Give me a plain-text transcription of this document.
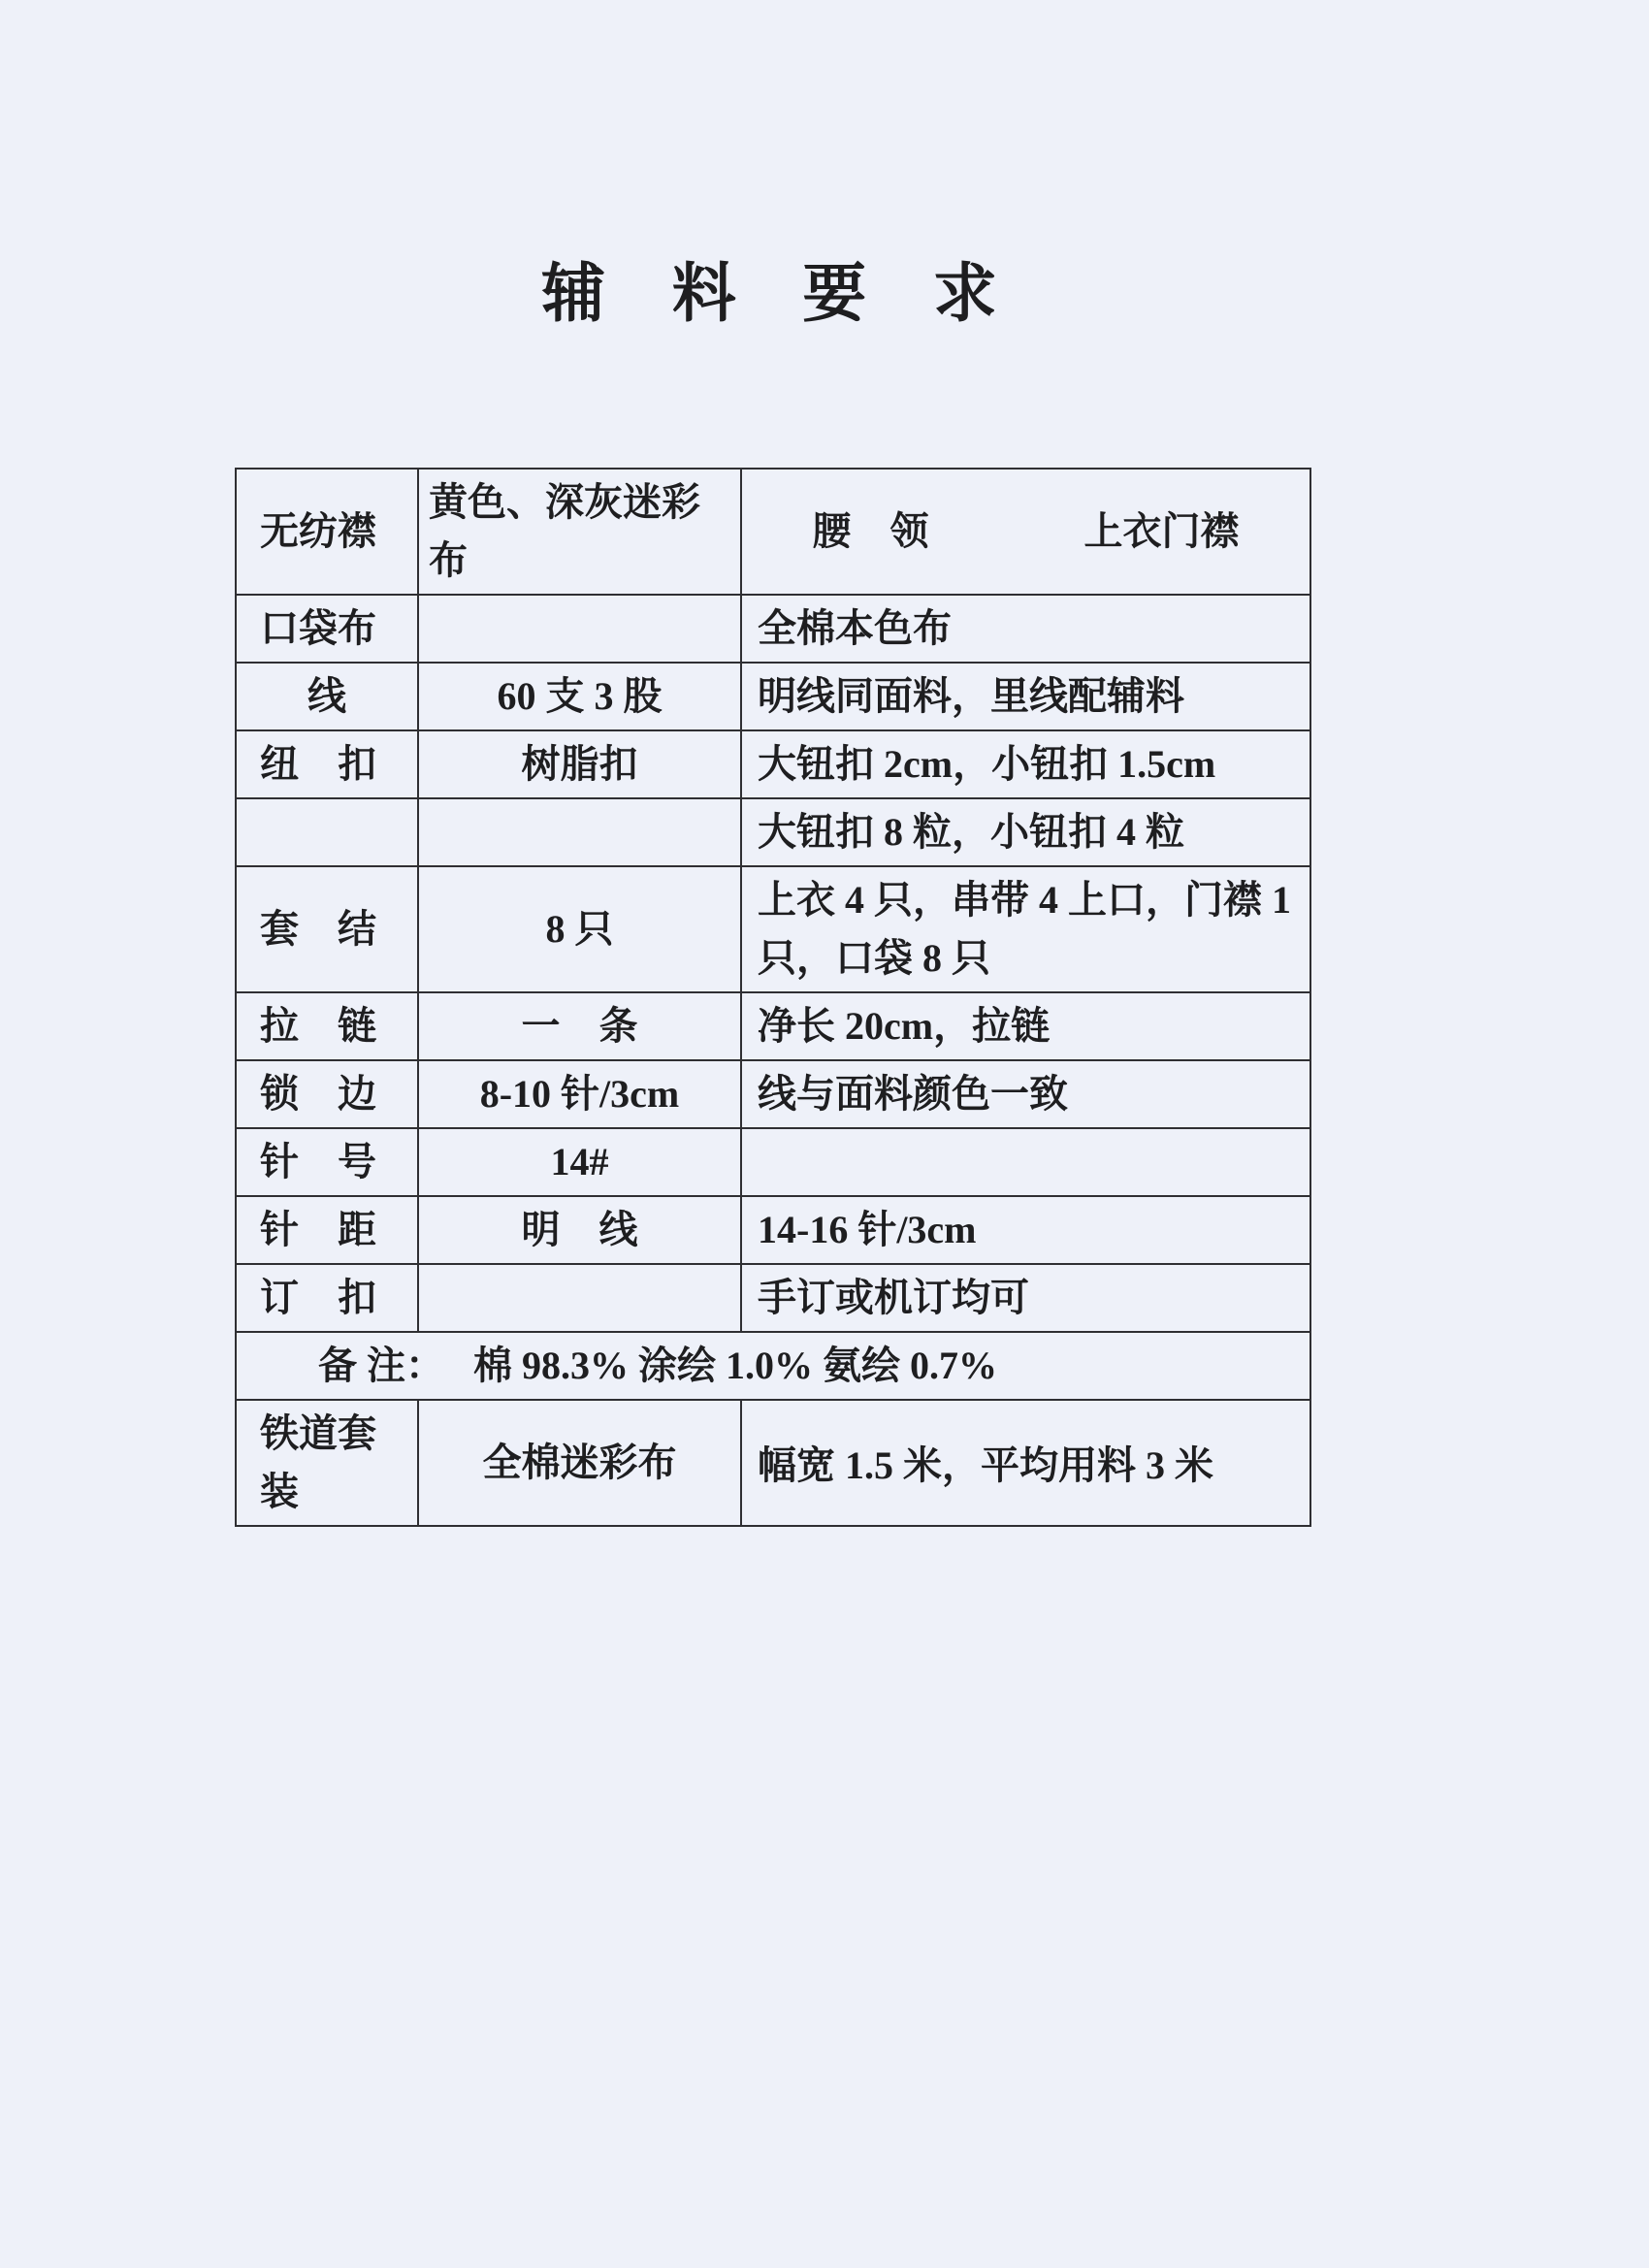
辅 料 要 求
无纺襟	黄色、深灰迷彩布	腰　领　　　　上衣门襟
口袋布		全棉本色布
线	60 支 3 股	明线同面料，里线配辅料
纽　扣	树脂扣	大钮扣 2cm，小钮扣 1.5cm
		大钮扣 8 粒，小钮扣 4 粒
套　结	8 只	上衣 4 只，串带 4 上口，门襟 1 只，口袋 8 只
拉　链	一　条	净长 20cm，拉链
锁　边	8-10 针/3cm	线与面料颜色一致
针　号	14#	
针　距	明　线	14-16 针/3cm
订　扣		手订或机订均可
备 注：　 棉 98.3% 涂绘 1.0% 氨绘 0.7%		
铁道套装	全棉迷彩布	幅宽 1.5 米，平均用料 3 米
